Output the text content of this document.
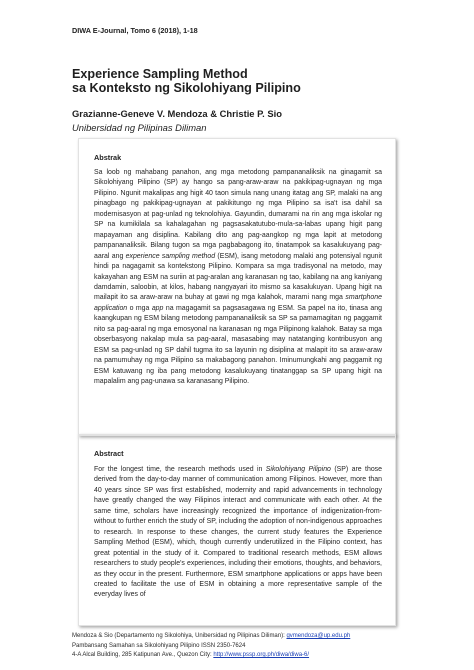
DIWA E-Journal, Tomo 6 (2018), 1-18
Experience Sampling Method
sa Konteksto ng Sikolohiyang Pilipino
Grazianne-Geneve V. Mendoza & Christie P. Sio
Unibersidad ng Pilipinas Diliman
Abstrak
Sa loob ng mahabang panahon, ang mga metodong pampananaliksik na ginagamit sa Sikolohiyang Pilipino (SP) ay hango sa pang-araw-araw na pakikipag-ugnayan ng mga Pilipino. Ngunit makalipas ang higit 40 taon simula nang unang itatag ang SP, malaki na ang pinagbago ng pakikipag-ugnayan at pakikitungo ng mga Pilipino sa isa't isa dahil sa modernisasyon at pag-unlad ng teknolohiya. Gayundin, dumarami na rin ang mga iskolar ng SP na kumikilala sa kahalagahan ng pagsasakatutubo-mula-sa-labas upang higit pang mapayaman ang disiplina. Kabilang dito ang pag-aangkop ng mga lapit at metodong pampananaliksik. Bilang tugon sa mga pagbabagong ito, tinatampok sa kasalukuyang pag-aaral ang experience sampling method (ESM), isang metodong malaki ang potensiyal ngunit hindi pa nagagamit sa kontekstong Pilipino. Kompara sa mga tradisyonal na metodo, may kakayahan ang ESM na suriin at pag-aralan ang karanasan ng tao, kabilang na ang kaniyang damdamin, saloobin, at kilos, habang nangyayari ito mismo sa kasalukuyan. Upang higit na mailapit ito sa araw-araw na buhay at gawi ng mga kalahok, marami nang mga smartphone application o mga app na magagamit sa pagsasagawa ng ESM. Sa papel na ito, tinasa ang kaangkupan ng ESM bilang metodong pampananaliksik sa SP sa pamamagitan ng paggamit nito sa pag-aaral ng mga emosyonal na karanasan ng mga Pilipinong kalahok. Batay sa mga obserbasyong nakalap mula sa pag-aaral, masasabing may natatanging kontribusyon ang ESM sa pag-unlad ng SP dahil tugma ito sa layunin ng disiplina at malapit ito sa araw-araw na pamumuhay ng mga Pilipino sa makabagong panahon. Iminumungkahi ang paggamit ng ESM katuwang ng iba pang metodong kasalukuyang tinatanggap sa SP upang higit na mapalalim ang pag-unawa sa karanasang Pilipino.
Abstract
For the longest time, the research methods used in Sikolohiyang Pilipino (SP) are those derived from the day-to-day manner of communication among Filipinos. However, more than 40 years since SP was first established, modernity and rapid advancements in technology have greatly changed the way Filipinos interact and communicate with each other. At the same time, scholars have increasingly recognized the importance of indigenization-from-without to further enrich the study of SP, including the adoption of non-indigenous approaches to research. In response to these changes, the current study features the Experience Sampling Method (ESM), which, though currently underutilized in the Filipino context, has great potential in the study of it. Compared to traditional research methods, ESM allows researchers to study people's experiences, including their emotions, thoughts, and behaviors, as they occur in the present. Furthermore, ESM smartphone applications or apps have been created to facilitate the use of ESM in obtaining a more representative sample of the everyday lives of
Mendoza & Sio (Departamento ng Sikolohiya, Unibersidad ng Pilipinas Diliman): gvmendoza@up.edu.ph
Pambansang Samahan sa Sikolohiyang Pilipino ISSN 2350-7624
4-A Alcal Building, 285 Katipunan Ave., Quezon City: http://www.pssp.org.ph/diwa/diwa-6/
